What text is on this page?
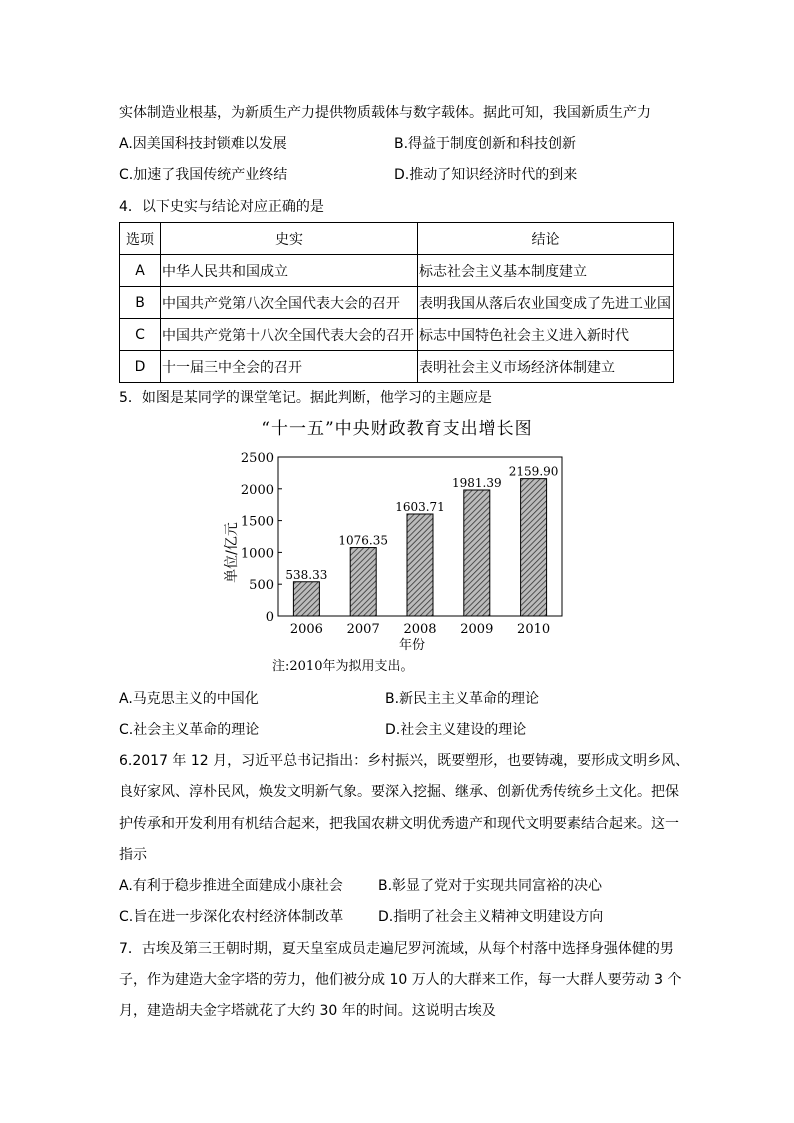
实体制造业根基，为新质生产力提供物质载体与数字载体。据此可知，我国新质生产力
A.因美国科技封锁难以发展	B.得益于制度创新和科技创新
C.加速了我国传统产业终结	D.推动了知识经济时代的到来
4．以下史实与结论对应正确的是
选项	史实	结论
A	中华人民共和国成立	标志社会主义基本制度建立
B	中国共产党第八次全国代表大会的召开	表明我国从落后农业国变成了先进工业国
C	中国共产党第十八次全国代表大会的召开	标志中国特色社会主义进入新时代
D	十一届三中全会的召开	表明社会主义市场经济体制建立
5．如图是某同学的课堂笔记。据此判断，他学习的主题应是
“十一五”中央财政教育支出增长图
0
500
1000
1500
2000
2500
538.33
2006
1076.35
2007
1603.71
2008
1981.39
2009
2159.90
2010
年份
单位/亿元
注:2010年为拟用支出。
A.马克思主义的中国化	B.新民主主义革命的理论
C.社会主义革命的理论	D.社会主义建设的理论
6.2017 年 12 月，习近平总书记指出：乡村振兴，既要塑形，也要铸魂，要形成文明乡风、
良好家风、淳朴民风，焕发文明新气象。要深入挖掘、继承、创新优秀传统乡土文化。把保
护传承和开发利用有机结合起来，把我国农耕文明优秀遗产和现代文明要素结合起来。这一
指示
A.有利于稳步推进全面建成小康社会	B.彰显了党对于实现共同富裕的决心
C.旨在进一步深化农村经济体制改革 D.指明了社会主义精神文明建设方向
7．古埃及第三王朝时期，夏天皇室成员走遍尼罗河流域，从每个村落中选择身强体健的男
子，作为建造大金字塔的劳力，他们被分成 10 万人的大群来工作，每一大群人要劳动 3 个
月，建造胡夫金字塔就花了大约 30 年的时间。这说明古埃及
